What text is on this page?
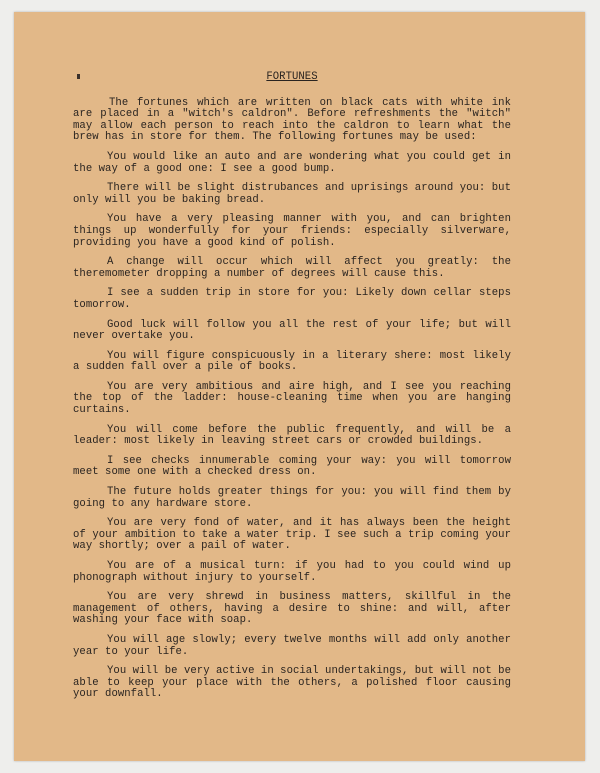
FORTUNES

The fortunes which are written on black cats with white ink are placed in a "witch's caldron". Before refreshments the "witch" may allow each person to reach into the caldron to learn what the brew has in store for them. The following fortunes may be used:

You would like an auto and are wondering what you could get in the way of a good one: I see a good bump.

There will be slight distrubances and uprisings around you: but only will you be baking bread.

You have a very pleasing manner with you, and can brighten things up wonderfully for your friends: especially silverware, providing you have a good kind of polish.

A change will occur which will affect you greatly: the theremometer dropping a number of degrees will cause this.

I see a sudden trip in store for you: Likely down cellar steps tomorrow.

Good luck will follow you all the rest of your life; but will never overtake you.

You will figure conspicuously in a literary shere: most likely a sudden fall over a pile of books.

You are very ambitious and aire high, and I see you reaching the top of the ladder: house-cleaning time when you are hanging curtains.

You will come before the public frequently, and will be a leader: most likely in leaving street cars or crowded buildings.

I see checks innumerable coming your way: you will tomorrow meet some one with a checked dress on.

The future holds greater things for you: you will find them by going to any hardware store.

You are very fond of water, and it has always been the height of your ambition to take a water trip. I see such a trip coming your way shortly; over a pail of water.

You are of a musical turn: if you had to you could wind up phonograph without injury to yourself.

You are very shrewd in business matters, skillful in the management of others, having a desire to shine: and will, after washing your face with soap.

You will age slowly; every twelve months will add only another year to your life.

You will be very active in social undertakings, but will not be able to keep your place with the others, a polished floor causing your downfall.
